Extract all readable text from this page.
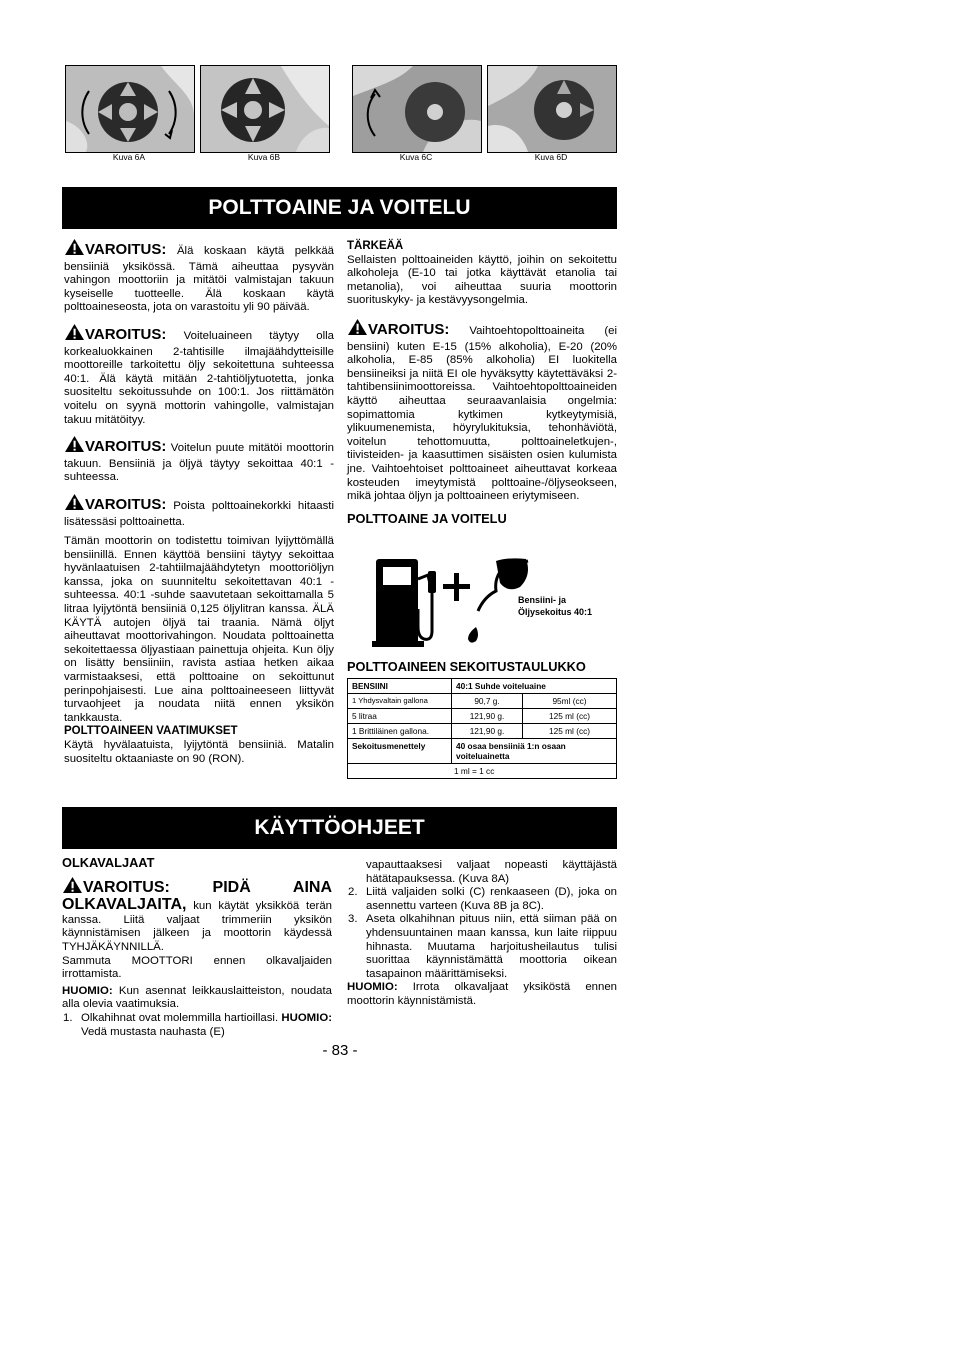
Kuva 6A	Kuva 6B	Kuva 6C	Kuva 6D
POLTTOAINE JA VOITELU

VAROITUS: Älä koskaan käytä pelkkää bensiiniä yksikössä. Tämä aiheuttaa pysyvän vahingon moottoriin ja mitätöi valmistajan takuun kyseiselle tuotteelle. Älä koskaan käytä polttoaineseosta, jota on varastoitu yli 90 päivää.

VAROITUS: Voiteluaineen täytyy olla korkealuokkainen 2-tahtisille ilmajäähdytteisille moottoreille tarkoitettu öljy sekoitettuna suhteessa 40:1. Älä käytä mitään 2-tahtiöljytuotetta, jonka suositeltu sekoitussuhde on 100:1. Jos riittämätön voitelu on syynä mottorin vahingolle, valmistajan takuu mitätöityy.

VAROITUS: Voitelun puute mitätöi moottorin takuun. Bensiiniä ja öljyä täytyy sekoittaa 40:1 -suhteessa.

VAROITUS: Poista polttoainekorkki hitaasti lisätessäsi polttoainetta.

Tämän moottorin on todistettu toimivan lyijyttömällä bensiinillä. Ennen käyttöä bensiini täytyy sekoittaa hyvänlaatuisen 2-tahtiilmajäähdytetyn moottoriöljyn kanssa, joka on suunniteltu sekoitettavan 40:1 -suhteessa. 40:1 -suhde saavutetaan sekoittamalla 5 litraa lyijytöntä bensiiniä 0,125 öljylitran kanssa. ÄLÄ KÄYTÄ autojen öljyä tai traania. Nämä öljyt aiheuttavat moottorivahingon. Noudata polttoainetta sekoitettaessa öljyastiaan painettuja ohjeita. Kun öljy on lisätty bensiiniin, ravista astiaa hetken aikaa varmistaaksesi, että polttoaine on sekoittunut perinpohjaisesti. Lue aina polttoaineeseen liittyvät turvaohjeet ja noudata niitä ennen yksikön tankkausta.

POLTTOAINEEN VAATIMUKSET

Käytä hyvälaatuista, lyijytöntä bensiiniä. Matalin suositeltu oktaaniaste on 90 (RON).

TÄRKEÄÄ

Sellaisten polttoaineiden käyttö, joihin on sekoitettu alkoholeja (E-10 tai jotka käyttävät etanolia tai metanolia), voi aiheuttaa suuria moottorin suorituskyky- ja kestävyysongelmia.

VAROITUS: Vaihtoehtopolttoaineita (ei bensiini) kuten E-15 (15% alkoholia), E-20 (20% alkoholia, E-85 (85% alkoholia) EI luokitella bensiineiksi ja niitä EI ole hyväksytty käytettäväksi 2-tahtibensiinimoottoreissa. Vaihtoehtopolttoaineiden käyttö aiheuttaa seuraavanlaisia ongelmia: sopimattomia kytkimen kytkeytymisiä, ylikuumenemista, höyrylukituksia, tehonhäviötä, voitelun tehottomuutta, polttoaineletkujen-, tiivisteiden- ja kaasuttimen sisäisten osien kulumista jne. Vaihtoehtoiset polttoaineet aiheuttavat korkeaa kosteuden imeytymistä polttoaine-/öljyseokseen, mikä johtaa öljyn ja polttoaineen eriytymiseen.

POLTTOAINE JA VOITELU
Bensiini- ja
Öljysekoitus 40:1
POLTTOAINEEN SEKOITUSTAULUKKO
BENSIINI	40:1 Suhde voiteluaine	
1 Yhdysvaltain gallona	90,7 g.	95ml (cc)
5 litraa	121,90 g.	125 ml (cc)
1 Brittiläinen gallona.	121,90 g.	125 ml (cc)
Sekoitusmenettely	40 osaa bensiiniä 1:n osaan voiteluainetta	
1 ml = 1 cc		
KÄYTTÖOHJEET
OLKAVALJAAT

VAROITUS: PIDÄ AINA OLKAVALJAITA, kun käytät yksikköä terän kanssa. Liitä valjaat trimmeriin yksikön käynnistämisen jälkeen ja moottorin käydessä TYHJÄKÄYNNILLÄ.

Sammuta MOOTTORI ennen olkavaljaiden irrottamista.

HUOMIO: Kun asennat leikkauslaitteiston, noudata alla olevia vaatimuksia.

1. Olkahihnat ovat molemmilla hartioillasi. HUOMIO: Vedä mustasta nauhasta (E)

vapauttaaksesi valjaat nopeasti käyttäjästä hätätapauksessa. (Kuva 8A)

2. Liitä valjaiden solki (C) renkaaseen (D), joka on asennettu varteen (Kuva 8B ja 8C).
3. Aseta olkahihnan pituus niin, että siiman pää on yhdensuuntainen maan kanssa, kun laite riippuu hihnasta. Muutama harjoitusheilautus tulisi suorittaa käynnistämättä moottoria oikean tasapainon määrittämiseksi.

HUOMIO: Irrota olkavaljaat yksiköstä ennen moottorin käynnistämistä.

- 83 -
